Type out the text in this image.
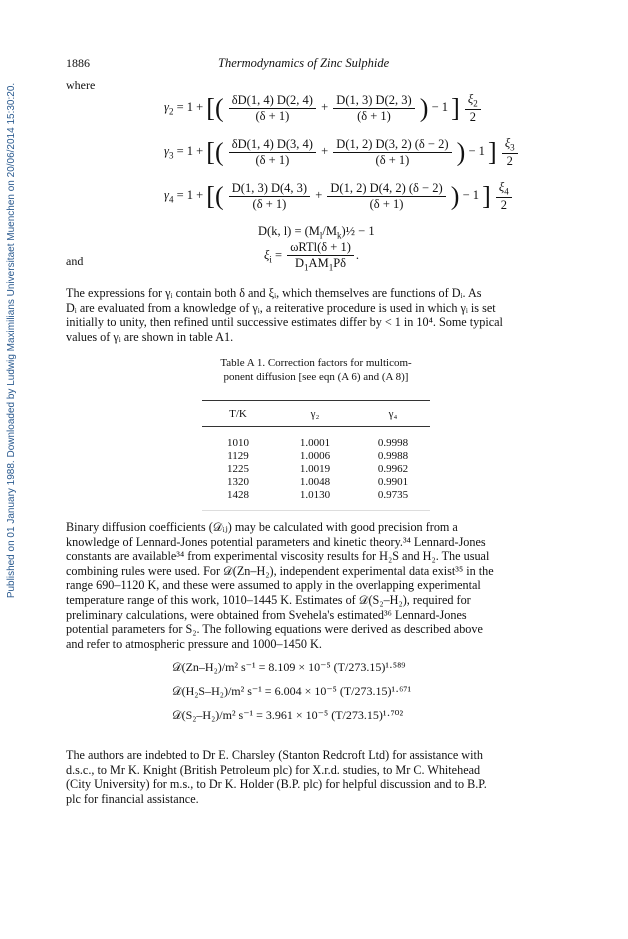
Published on 01 January 1988. Downloaded by Ludwig Maximilians Universitaet Muenchen on 20/06/2014 15:30:20.
1886	Thermodynamics of Zinc Sulphide
where
$\gamma_2 = 1$ + [( $\frac{\delta D(1, 4) D(2, 4)}{(\delta + 1)} + \frac{D(1, 3) D(2, 3)}{(\delta + 1)}$ ) − 1 ] $\frac{\xi_2}{2}$
$\gamma_3 = 1$ + [( $\frac{\delta D(1, 4) D(3, 4)}{(\delta + 1)} + \frac{D(1, 2) D(3, 2) (\delta - 2)}{(\delta + 1)}$ ) − 1 ] $\frac{\xi_3}{2}$
$\gamma_4 = 1$ + [( $\frac{D(1, 3) D(4, 3)}{(\delta + 1)} + \frac{D(1, 2) D(4, 2) (\delta - 2)}{(\delta + 1)}$ ) − 1 ] $\frac{\xi_4}{2}$
D(k, $l) = (M_l/M_k)\frac{1}{2} - 1$
and	$\xi_i = \frac{\text{ωRTl(δ + 1)}}{D_1AM_1P\delta}$ .
The expressions for γᵢ contain both δ and ξᵢ, which themselves are functions of Dᵢ. As
Dᵢ are evaluated from a knowledge of γᵢ, a reiterative procedure is used in which γᵢ is set
initially to unity, then refined until successive estimates differ by < 1 in 10⁴. Some typical
values of γᵢ are shown in table A1.
Table A 1. Correction factors for multicom-
ponent diffusion [see eqn (A 6) and (A 8)]
T/K	γ₂	γ₄
1010	1.0001	0.9998
1129	1.0006	0.9988
1225	1.0019	0.9962
1320	1.0048	0.9901
1428	1.0130	0.9735
Binary diffusion coefficients (𝒟ᵢⱼ) may be calculated with good precision from a
knowledge of Lennard-Jones potential parameters and kinetic theory.³⁴ Lennard-Jones
constants are available³⁴ from experimental viscosity results for H₂S and H₂. The usual
combining rules were used. For 𝒟(Zn–H₂), independent experimental data exist³⁵ in the
range 690–1120 K, and these were assumed to apply in the overlapping experimental
temperature range of this work, 1010–1445 K. Estimates of 𝒟(S₂–H₂), required for
preliminary calculations, were obtained from Svehela's estimated³⁶ Lennard-Jones
potential parameters for S₂. The following equations were derived as described above
and refer to atmospheric pressure and 1000–1450 K.
𝒟(Zn–H₂)/m² s⁻¹ = 8.109 × 10⁻⁵ (T/273.15)¹·⁵⁸⁹
𝒟(H₂S–H₂)/m² s⁻¹ = 6.004 × 10⁻⁵ (T/273.15)¹·⁶⁷¹
𝒟(S₂–H₂)/m² s⁻¹ = 3.961 × 10⁻⁵ (T/273.15)¹·⁷⁰²
The authors are indebted to Dr E. Charsley (Stanton Redcroft Ltd) for assistance with
d.s.c., to Mr K. Knight (British Petroleum plc) for X.r.d. studies, to Mr C. Whitehead
(City University) for m.s., to Dr K. Holder (B.P. plc) for helpful discussion and to B.P.
plc for financial assistance.
